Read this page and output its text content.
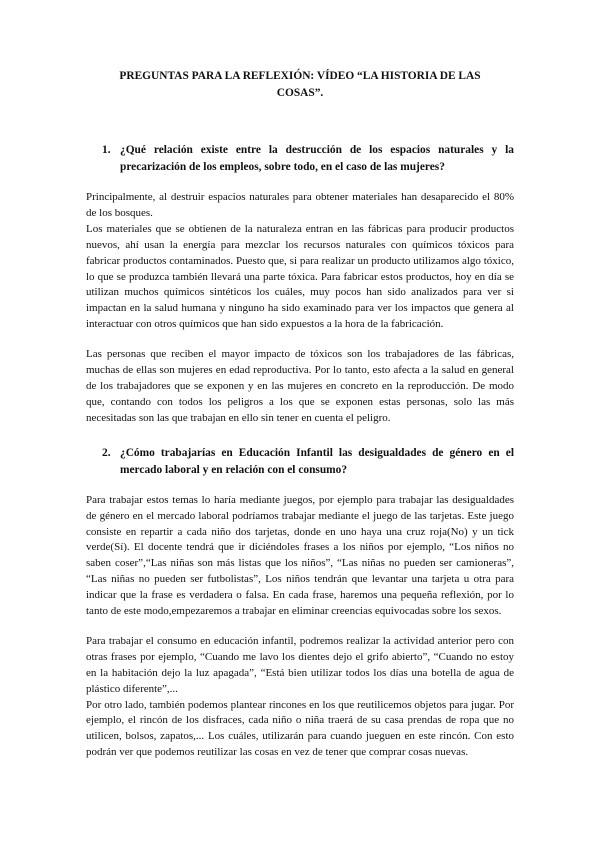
PREGUNTAS PARA LA REFLEXIÓN: VÍDEO “LA HISTORIA DE LAS COSAS”.
1. ¿Qué relación existe entre la destrucción de los espacios naturales y la precarización de los empleos, sobre todo, en el caso de las mujeres?

Principalmente, al destruir espacios naturales para obtener materiales han desaparecido el 80% de los bosques.

Los materiales que se obtienen de la naturaleza entran en las fábricas para producir productos nuevos, ahí usan la energía para mezclar los recursos naturales con químicos tóxicos para fabricar productos contaminados. Puesto que, si para realizar un producto utilizamos algo tóxico, lo que se produzca también llevará una parte tóxica. Para fabricar estos productos, hoy en día se utilizan muchos químicos sintéticos los cuáles, muy pocos han sido analizados para ver si impactan en la salud humana y ninguno ha sido examinado para ver los impactos que genera al interactuar con otros químicos que han sido expuestos a la hora de la fabricación.

Las personas que reciben el mayor impacto de tóxicos son los trabajadores de las fábricas, muchas de ellas son mujeres en edad reproductiva. Por lo tanto, esto afecta a la salud en general de los trabajadores que se exponen y en las mujeres en concreto en la reproducción. De modo que, contando con todos los peligros a los que se exponen estas personas, solo las más necesitadas son las que trabajan en ello sin tener en cuenta el peligro.

2. ¿Cómo trabajarías en Educación Infantil las desigualdades de género en el mercado laboral y en relación con el consumo?

Para trabajar estos temas lo haría mediante juegos, por ejemplo para trabajar las desigualdades de género en el mercado laboral podríamos trabajar mediante el juego de las tarjetas. Este juego consiste en repartir a cada niño dos tarjetas, donde en uno haya una cruz roja(No) y un tick verde(Sí). El docente tendrá que ir diciéndoles frases a los niños por ejemplo, “Los niños no saben coser”,“Las niñas son más listas que los niños”, “Las niñas no pueden ser camioneras”, “Las niñas no pueden ser futbolistas”, Los niños tendrán que levantar una tarjeta u otra para indicar que la frase es verdadera o falsa. En cada frase, haremos una pequeña reflexión, por lo tanto de este modo,empezaremos a trabajar en eliminar creencias equivocadas sobre los sexos.

Para trabajar el consumo en educación infantil, podremos realizar la actividad anterior pero con otras frases por ejemplo, “Cuando me lavo los dientes dejo el grifo abierto”, “Cuando no estoy en la habitación dejo la luz apagada”, “Está bien utilizar todos los días una botella de agua de plástico diferente”,...

Por otro lado, también podemos plantear rincones en los que reutilicemos objetos para jugar. Por ejemplo, el rincón de los disfraces, cada niño o niña traerá de su casa prendas de ropa que no utilicen, bolsos, zapatos,... Los cuáles, utilizarán para cuando jueguen en este rincón. Con esto podrán ver que podemos reutilizar las cosas en vez de tener que comprar cosas nuevas.
